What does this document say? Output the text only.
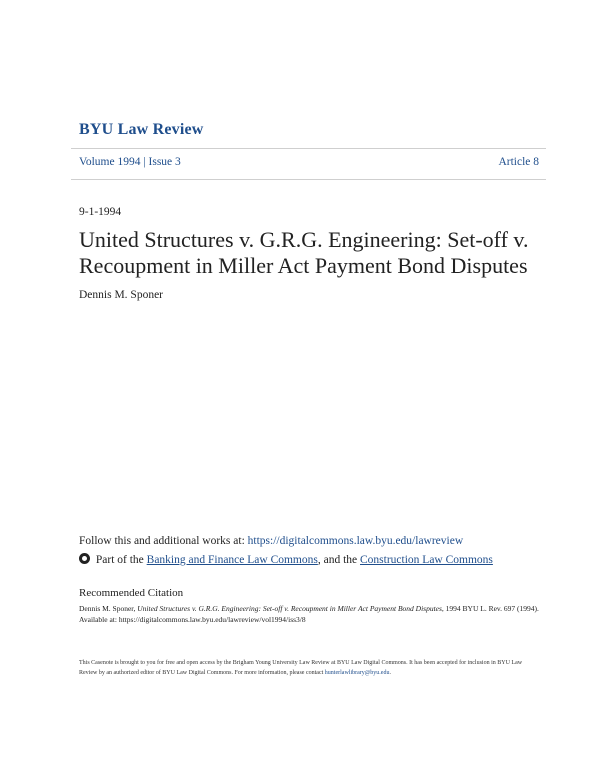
BYU Law Review
Volume 1994 | Issue 3	Article 8
9-1-1994
United Structures v. G.R.G. Engineering: Set-off v. Recoupment in Miller Act Payment Bond Disputes
Dennis M. Sponer
Follow this and additional works at: https://digitalcommons.law.byu.edu/lawreview
Part of the Banking and Finance Law Commons, and the Construction Law Commons
Recommended Citation
Dennis M. Sponer, United Structures v. G.R.G. Engineering: Set-off v. Recoupment in Miller Act Payment Bond Disputes, 1994 BYU L. Rev. 697 (1994).
Available at: https://digitalcommons.law.byu.edu/lawreview/vol1994/iss3/8
This Casenote is brought to you for free and open access by the Brigham Young University Law Review at BYU Law Digital Commons. It has been accepted for inclusion in BYU Law Review by an authorized editor of BYU Law Digital Commons. For more information, please contact hunterlawlibrary@byu.edu.
